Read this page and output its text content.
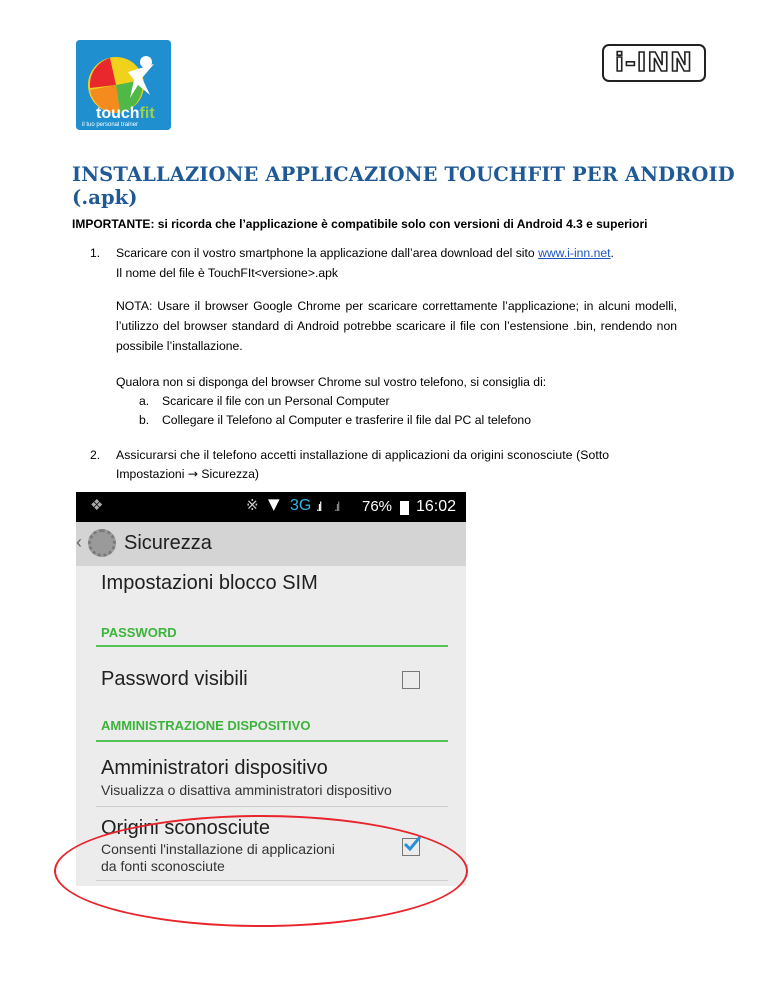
touchfit
il tuo personal trainer
i-INN
INSTALLAZIONE APPLICAZIONE TOUCHFIT PER ANDROID (.apk)
IMPORTANTE: si ricorda che l’applicazione è compatibile solo con versioni di Android 4.3 e superiori
1. Scaricare con il vostro smartphone la applicazione dall’area download del sito www.i-inn.net.
Il nome del file è TouchFIt<versione>.apk
NOTA: Usare il browser Google Chrome per scaricare correttamente l’applicazione; in alcuni modelli, l’utilizzo del browser standard di Android potrebbe scaricare il file con l’estensione .bin, rendendo non possibile l’installazione.
Qualora non si disponga del browser Chrome sul vostro telefono, si consiglia di:
a. Scaricare il file con un Personal Computer
b. Collegare il Telefono al Computer e trasferire il file dal PC al telefono
2. Assicurarsi che il telefono accetti installazione di applicazioni da origini sconosciute (Sotto
Impostazioni → Sicurezza)
❖	※ ▼ 3G .ıl .ıl 76% 16:02
‹ Sicurezza
Impostazioni blocco SIM
PASSWORD
Password visibili
AMMINISTRAZIONE DISPOSITIVO
Amministratori dispositivo
Visualizza o disattiva amministratori dispositivo
Origini sconosciute
Consenti l'installazione di applicazioni
da fonti sconosciute
